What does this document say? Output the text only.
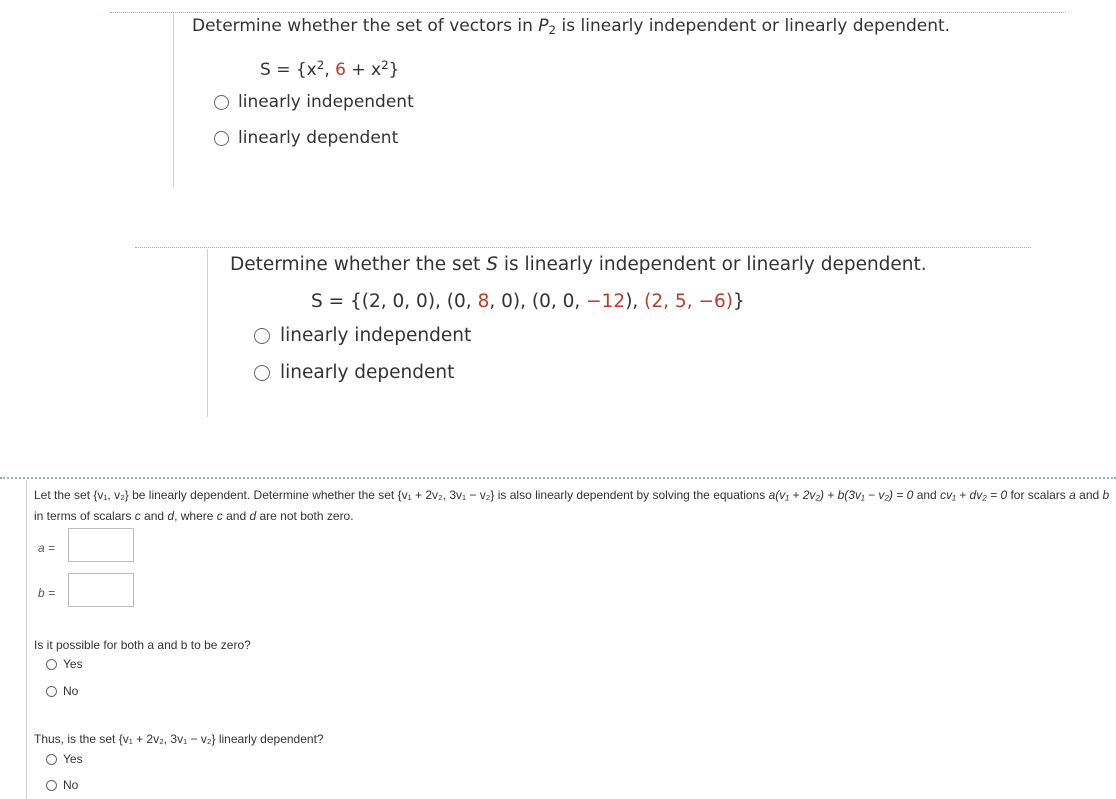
Determine whether the set of vectors in $P_2$ is linearly independent or linearly dependent.
$S = \{x^2$, $6 + x^2$}
linearly independent
linearly dependent
Determine whether the set S is linearly independent or linearly dependent.
S = {(2, 0, 0), (0, 8, 0), (0, 0, −12), (2, 5, −6)}
linearly independent
linearly dependent
Let the set {v₁, v₂} be linearly dependent. Determine whether the set {v₁ + 2v₂, 3v₁ − v₂} is also linearly dependent by solving the equations a(v₁ + 2v₂) + b(3v₁ − v₂) = 0 and cv₁ + dv₂ = 0 for scalars a and b in terms of scalars c and d, where c and d are not both zero.
a =
b =
Is it possible for both a and b to be zero?
Yes
No
Thus, is the set {v₁ + 2v₂, 3v₁ − v₂} linearly dependent?
Yes
No
